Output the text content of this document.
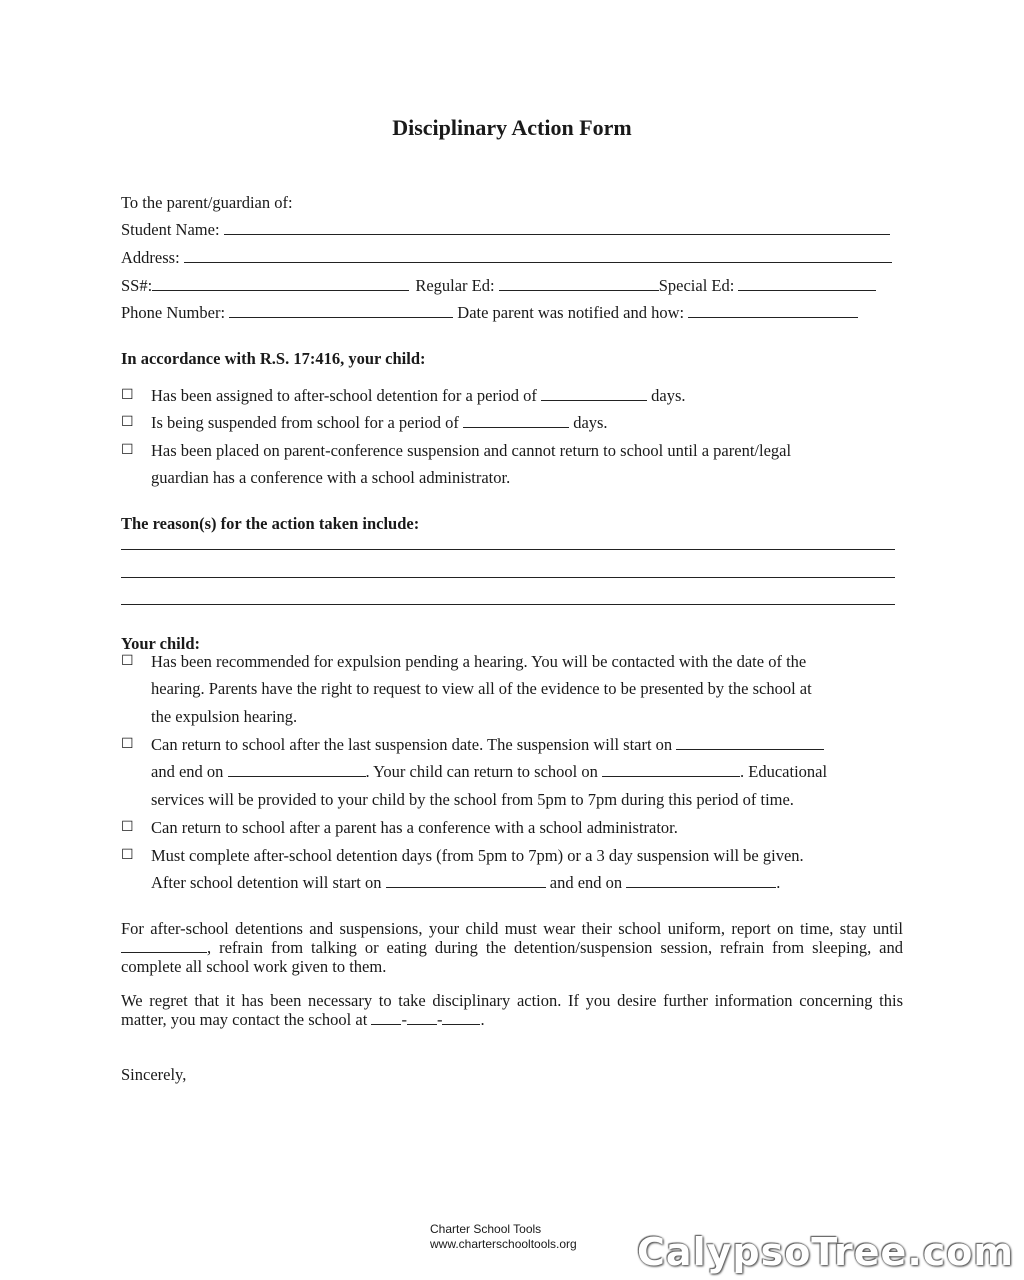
Disciplinary Action Form
To the parent/guardian of:
Student Name:
Address:
SS#:	Regular Ed:	Special Ed:
Phone Number:	Date parent was notified and how:
In accordance with R.S. 17:416, your child:
☐ Has been assigned to after-school detention for a period of	days.
☐ Is being suspended from school for a period of	days.
☐ Has been placed on parent-conference suspension and cannot return to school until a parent/legal
guardian has a conference with a school administrator.
The reason(s) for the action taken include:
Your child:
☐ Has been recommended for expulsion pending a hearing. You will be contacted with the date of the
hearing. Parents have the right to request to view all of the evidence to be presented by the school at
the expulsion hearing.
☐ Can return to school after the last suspension date. The suspension will start on
and end on	. Your child can return to school on	. Educational
services will be provided to your child by the school from 5pm to 7pm during this period of time.
☐ Can return to school after a parent has a conference with a school administrator.
☐ Must complete after-school detention days (from 5pm to 7pm) or a 3 day suspension will be given.
After school detention will start on	and end on	.

For after-school detentions and suspensions, your child must wear their school uniform, report on time, stay until , refrain from talking or eating during the detention/suspension session, refrain from sleeping, and complete all school work given to them.

We regret that it has been necessary to take disciplinary action. If you desire further information concerning this matter, you may contact the school at - - .

Sincerely,
Charter School Tools
www.charterschooltools.org CalypsoTree.com
